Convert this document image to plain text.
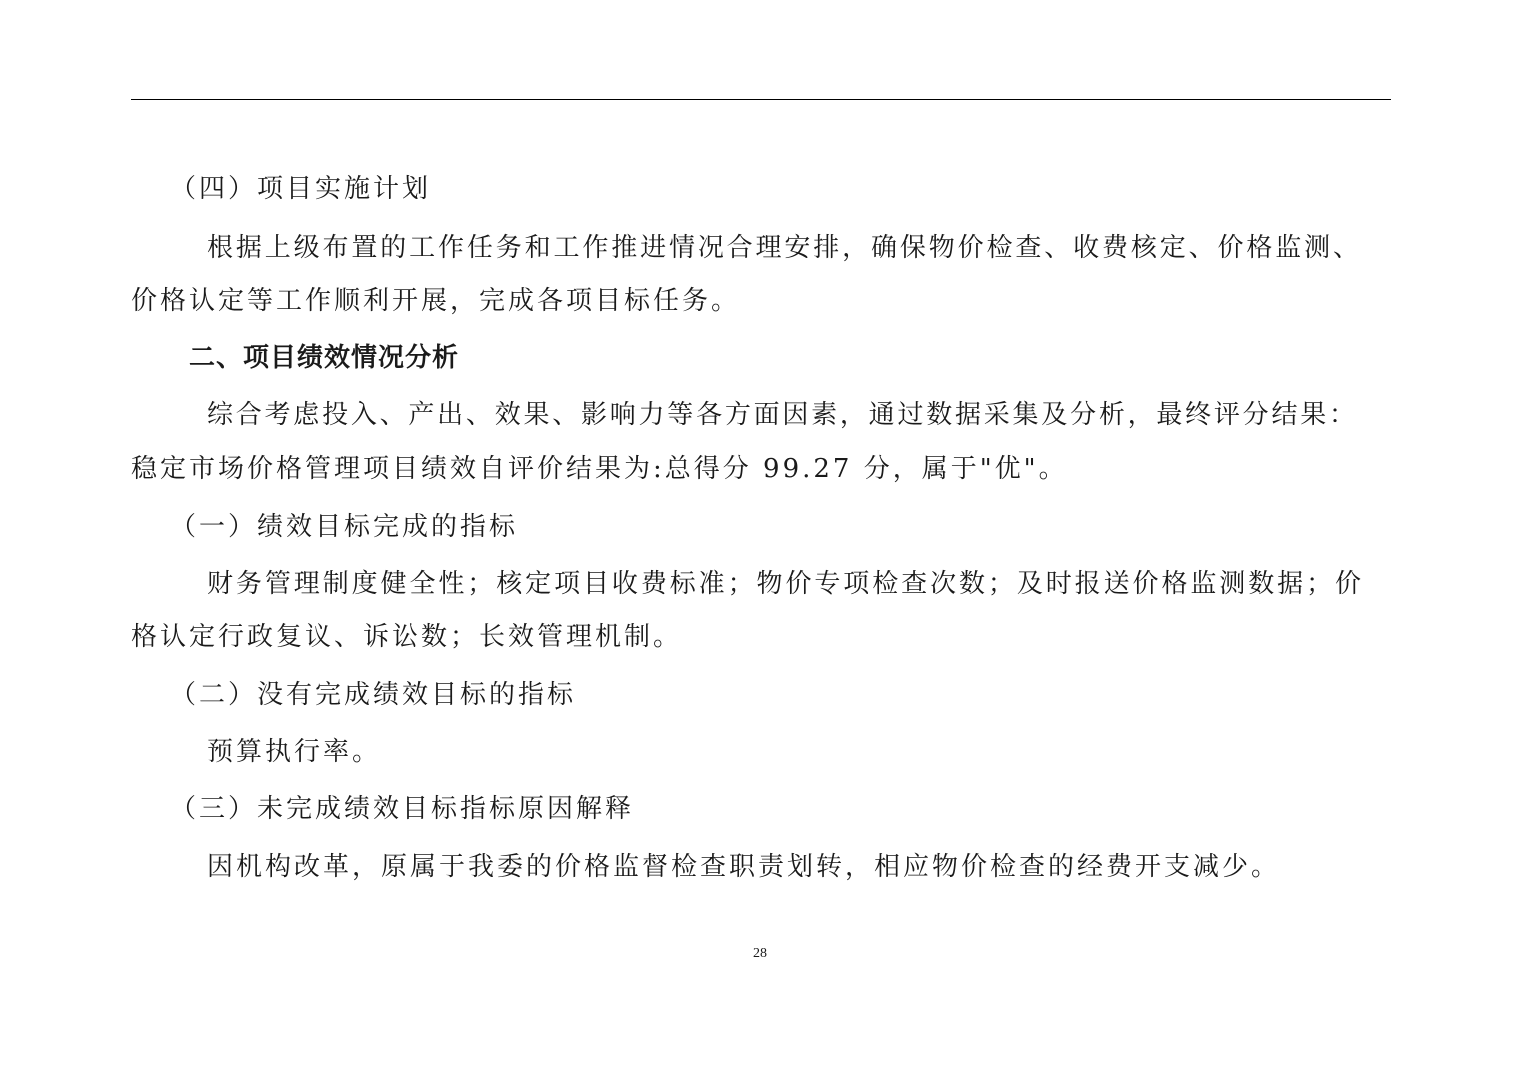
（四）项目实施计划
根据上级布置的工作任务和工作推进情况合理安排，确保物价检查、收费核定、价格监测、
价格认定等工作顺利开展，完成各项目标任务。
二、项目绩效情况分析
综合考虑投入、产出、效果、影响力等各方面因素，通过数据采集及分析，最终评分结果：
稳定市场价格管理项目绩效自评价结果为:总得分 99.27 分，属于"优"。
（一）绩效目标完成的指标
财务管理制度健全性；核定项目收费标准；物价专项检查次数；及时报送价格监测数据；价
格认定行政复议、诉讼数；长效管理机制。
（二）没有完成绩效目标的指标
预算执行率。
（三）未完成绩效目标指标原因解释
因机构改革，原属于我委的价格监督检查职责划转，相应物价检查的经费开支减少。
28
